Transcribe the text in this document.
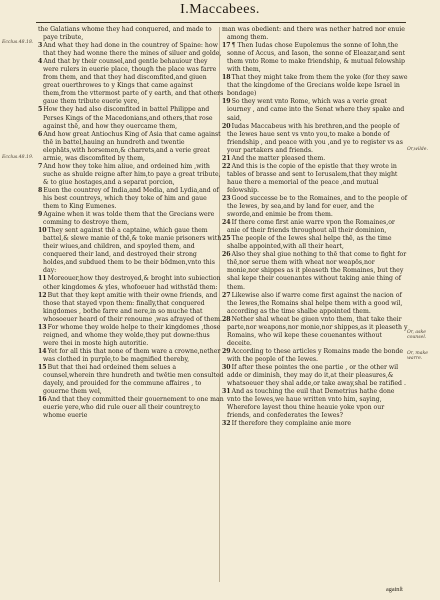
I.Maccabees.
Ecclus.48.18.
Ecclus.48.19.
Or,wilde.
Or, aske counsel.
Or, make warre.

the Galatians whome they had conquered, and made to paye tribute,

3And what they had done in the countrey of Spaine: how that they had wonne there the mines of siluer and golde,

4And that by their counsel,and gentle behauiour they were rulers in euerie place, though the place was farre from them, and that they had discomfited,and giuen great ouerthrowes to y Kings that came against them,from the vttermost parte of y earth, and that others gaue them tribute euerie yere,

5How they had also discomfited in battel Philippe and Perses Kings of the Macedonians,and others,that rose against thē, and how they ouercame them,

6And how great Antiochus King of Asia that came against thē in battel,hauing an hundreth and twentie elephāts,with horsemen,& charrets,and a verie great armie, was discomfited by them,

7And how they toke him aliue, and ordeined him ,with suche as shulde reigne after him,to paye a great tribute, & to giue hostages,and a separat porcion,

8Euen the countrey of India,and Media, and Lydia,and of his best countreys, which they toke of him and gaue them to King Eumenes.

9Againe when it was tolde them that the Grecians were comming to destroye them,

10They sent against thē a captaine, which gaue them battel,& slewe manie of thē,& toke manie prisoners with their wiues,and children, and spoyled them, and conquered their land, and destroyed their strong holdes,and subdued them to be their bōdmen,vnto this day:

11Moreouer,how they destroyed,& broght into subiection other kingdomes & yles, whofoeuer had withstād them:

12But that they kept amitie with their owne friends, and those that stayed vpon them: finally,that conquered kingdomes , bothe farre and nere,in so muche that whosoeuer heard of their renoume ,was afrayed of them.

13For whome they wolde helpe to their kingdomes ,those reigned, and whome they wolde,they put downe:thus were thei in moste high autoritie.

14Yet for all this that none of them ware a crowne,nether was clothed in purple,to be magnified thereby,

15But that thei had ordeined them selues a counsel,wherein thre hundreth and twētie men consulted dayely, and prouided for the commune affaires , to gouerne them wel,

16And that they committed their gouernement to one man euerie yere,who did rule ouer all their countrey,to whome euerie

man was obedient: and there was nether hatred nor enuie among them.

17¶ Then Iudas chose Eupolemus the sonne of Iohn,the sonne of Accus, and Iason, the sonne of Eleazar,and sent them vnto Rome to make friendship, & mutual felowship with them,

18That they might take from them the yoke (for they sawe that the kingdome of the Grecians wolde kepe Israel in bondage)

19So they went vnto Rome, which was a verie great iourney , and came into the Senat where they spake and said,

20Iudas Maccabeus with his brethren,and the people of the Iewes haue sent vs vnto you,to make a bonde of friendship , and peace with you ,and ye to register vs as your partakers and friends.

21And the matter pleased them.

22And this is the copie of the epistle that they wrote in tables of brasse and sent to Ierusalem,that they might haue there a memorial of the peace ,and mutual felowship.

23Good successe be to the Romaines, and to the people of the Iewes, by sea,and by land for euer, and the sworde,and enimie be from them.

24If there come first anie warre vpon the Romaines,or anie of their friends throughout all their dominion,

25The people of the Iewes shal helpe thē, as the time shalbe appointed,with all their heart,

26Also they shal giue nothing to thē that come to fight for thē,nor serue them with wheat nor weapōs,nor monie,nor shippes as it pleaseth the Romaines, but they shal kepe their couenantes without taking anie thing of them.

27Likewise also if warre come first against the nacion of the Iewes,the Romains shal helpe them with a good wil, according as the time shalbe appointed them.

28Nether shal wheat be giuen vnto them, that take their parte,nor weapons,nor monie,nor shippes,as it pleaseth y Romains, who wil kepe these couenantes without deceite.

29According to these articles y Romains made the bonde with the people of the Iewes.

30If after these pointes the one partie , or the other wil adde or diminish, they may do it,at their pleasures,& whatsoeuer they shal adde,or take away,shal be ratified .

31And as touching the euil that Demetrius hathe done vnto the Iewes,we haue written vnto him, saying, Wherefore layest thou thine heauie yoke vpon our friends, and confederates the Iewes?

32If therefore they complaine anie more

againſt
